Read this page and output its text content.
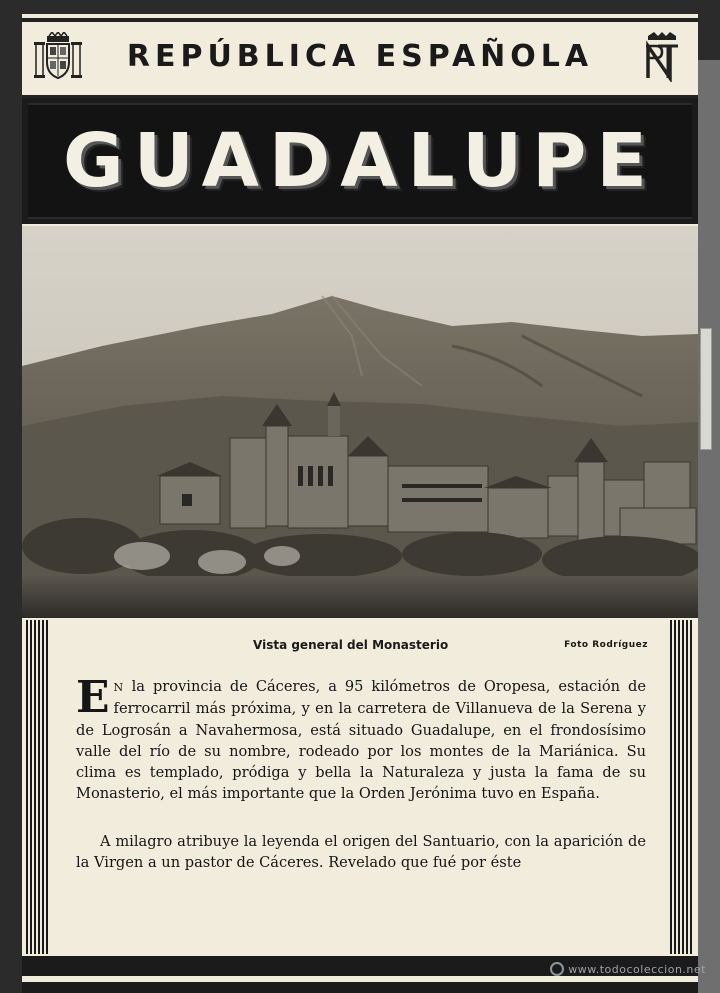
REPÚBLICA ESPAÑOLA
GUADALUPE
Vista general del Monasterio	Foto Rodríguez

E N la provincia de Cáceres, a 95 kilómetros de Oropesa, estación de ferrocarril más próxima, y en la carretera de Villanueva de la Serena y de Logrosán a Navahermosa, está situado Guadalupe, en el frondosísimo valle del río de su nombre, rodeado por los montes de la Mariánica. Su clima es templado, pródiga y bella la Naturaleza y justa la fama de su Monasterio, el más importante que la Orden Jerónima tuvo en España.

A milagro atribuye la leyenda el origen del Santuario, con la aparición de la Virgen a un pastor de Cáceres. Revelado que fué por éste

www.todocoleccion.net
